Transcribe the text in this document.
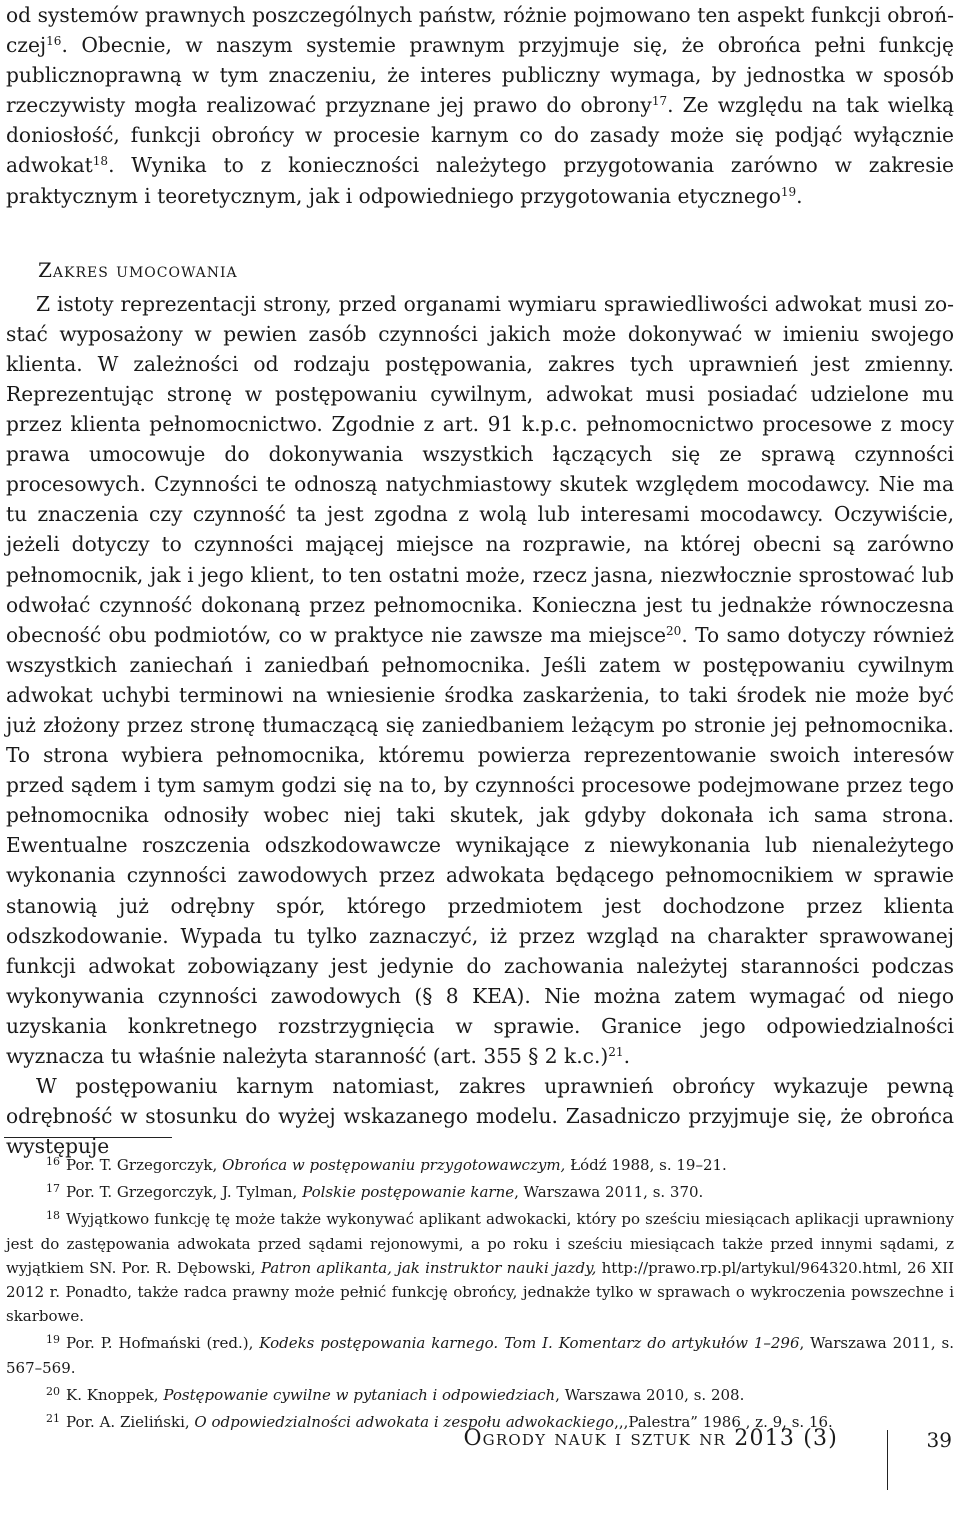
od systemów prawnych poszczególnych państw, różnie pojmowano ten aspekt funkcji obrończej$^{16}$. Obecnie, w naszym systemie prawnym przyjmuje się, że obrońca pełni funkcję publicznoprawną w tym znaczeniu, że interes publiczny wymaga, by jednostka w sposób rzeczywisty mogła realizować przyznane jej prawo do obrony$^{17}$. Ze względu na tak wielką doniosłość, funkcji obrońcy w procesie karnym co do zasady może się podjąć wyłącznie adwokat$^{18}$. Wynika to z konieczności należytego przygotowania zarówno w zakresie praktycznym i teoretycznym, jak i odpowiedniego przygotowania etycznego$^{19}$.

Zakres umocowania

Z istoty reprezentacji strony, przed organami wymiaru sprawiedliwości adwokat musi zostać wyposażony w pewien zasób czynności jakich może dokonywać w imieniu swojego klienta. W zależności od rodzaju postępowania, zakres tych uprawnień jest zmienny. Reprezentując stronę w postępowaniu cywilnym, adwokat musi posiadać udzielone mu przez klienta pełnomocnictwo. Zgodnie z art. 91 k.p.c. pełnomocnictwo procesowe z mocy prawa umocowuje do dokonywania wszystkich łączących się ze sprawą czynności procesowych. Czynności te odnoszą natychmiastowy skutek względem mocodawcy. Nie ma tu znaczenia czy czynność ta jest zgodna z wolą lub interesami mocodawcy. Oczywiście, jeżeli dotyczy to czynności mającej miejsce na rozprawie, na której obecni są zarówno pełnomocnik, jak i jego klient, to ten ostatni może, rzecz jasna, niezwłocznie sprostować lub odwołać czynność dokonaną przez pełnomocnika. Konieczna jest tu jednakże równoczesna obecność obu podmiotów, co w praktyce nie zawsze ma miejsce$^{20}$. To samo dotyczy również wszystkich zaniechań i zaniedbań pełnomocnika. Jeśli zatem w postępowaniu cywilnym adwokat uchybi terminowi na wniesienie środka zaskarżenia, to taki środek nie może być już złożony przez stronę tłumaczącą się zaniedbaniem leżącym po stronie jej pełnomocnika. To strona wybiera pełnomocnika, któremu powierza reprezentowanie swoich interesów przed sądem i tym samym godzi się na to, by czynności procesowe podejmowane przez tego pełnomocnika odnosiły wobec niej taki skutek, jak gdyby dokonała ich sama strona. Ewentualne roszczenia odszkodowawcze wynikające z niewykonania lub nienależytego wykonania czynności zawodowych przez adwokata będącego pełnomocnikiem w sprawie stanowią już odrębny spór, którego przedmiotem jest dochodzone przez klienta odszkodowanie. Wypada tu tylko zaznaczyć, iż przez wzgląd na charakter sprawowanej funkcji adwokat zobowiązany jest jedynie do zachowania należytej staranności podczas wykonywania czynności zawodowych (§ 8 KEA). Nie można zatem wymagać od niego uzyskania konkretnego rozstrzygnięcia w sprawie. Granice jego odpowiedzialności wyznacza tu właśnie należyta staranność (art. 355 § 2 k.c.)$^{21}$.

W postępowaniu karnym natomiast, zakres uprawnień obrońcy wykazuje pewną odrębność w stosunku do wyżej wskazanego modelu. Zasadniczo przyjmuje się, że obrońca występuje

16 Por. T. Grzegorczyk, Obrońca w postępowaniu przygotowawczym, Łódź 1988, s. 19–21.

17 Por. T. Grzegorczyk, J. Tylman, Polskie postępowanie karne, Warszawa 2011, s. 370.

18 Wyjątkowo funkcję tę może także wykonywać aplikant adwokacki, który po sześciu miesiącach aplikacji uprawniony jest do zastępowania adwokata przed sądami rejonowymi, a po roku i sześciu miesiącach także przed innymi sądami, z wyjątkiem SN. Por. R. Dębowski, Patron aplikanta, jak instruktor nauki jazdy, http://prawo.rp.pl/artykul/964320.html, 26 XII 2012 r. Ponadto, także radca prawny może pełnić funkcję obrońcy, jednakże tylko w sprawach o wykroczenia powszechne i skarbowe.

19 Por. P. Hofmański (red.), Kodeks postępowania karnego. Tom I. Komentarz do artykułów 1–296, Warszawa 2011, s. 567–569.

20 K. Knoppek, Postępowanie cywilne w pytaniach i odpowiedziach, Warszawa 2010, s. 208.

21 Por. A. Zieliński, O odpowiedzialności adwokata i zespołu adwokackiego,,,Palestra” 1986 , z. 9, s. 16.

Ogrody nauk i sztuk nr 2013 (3)	39
